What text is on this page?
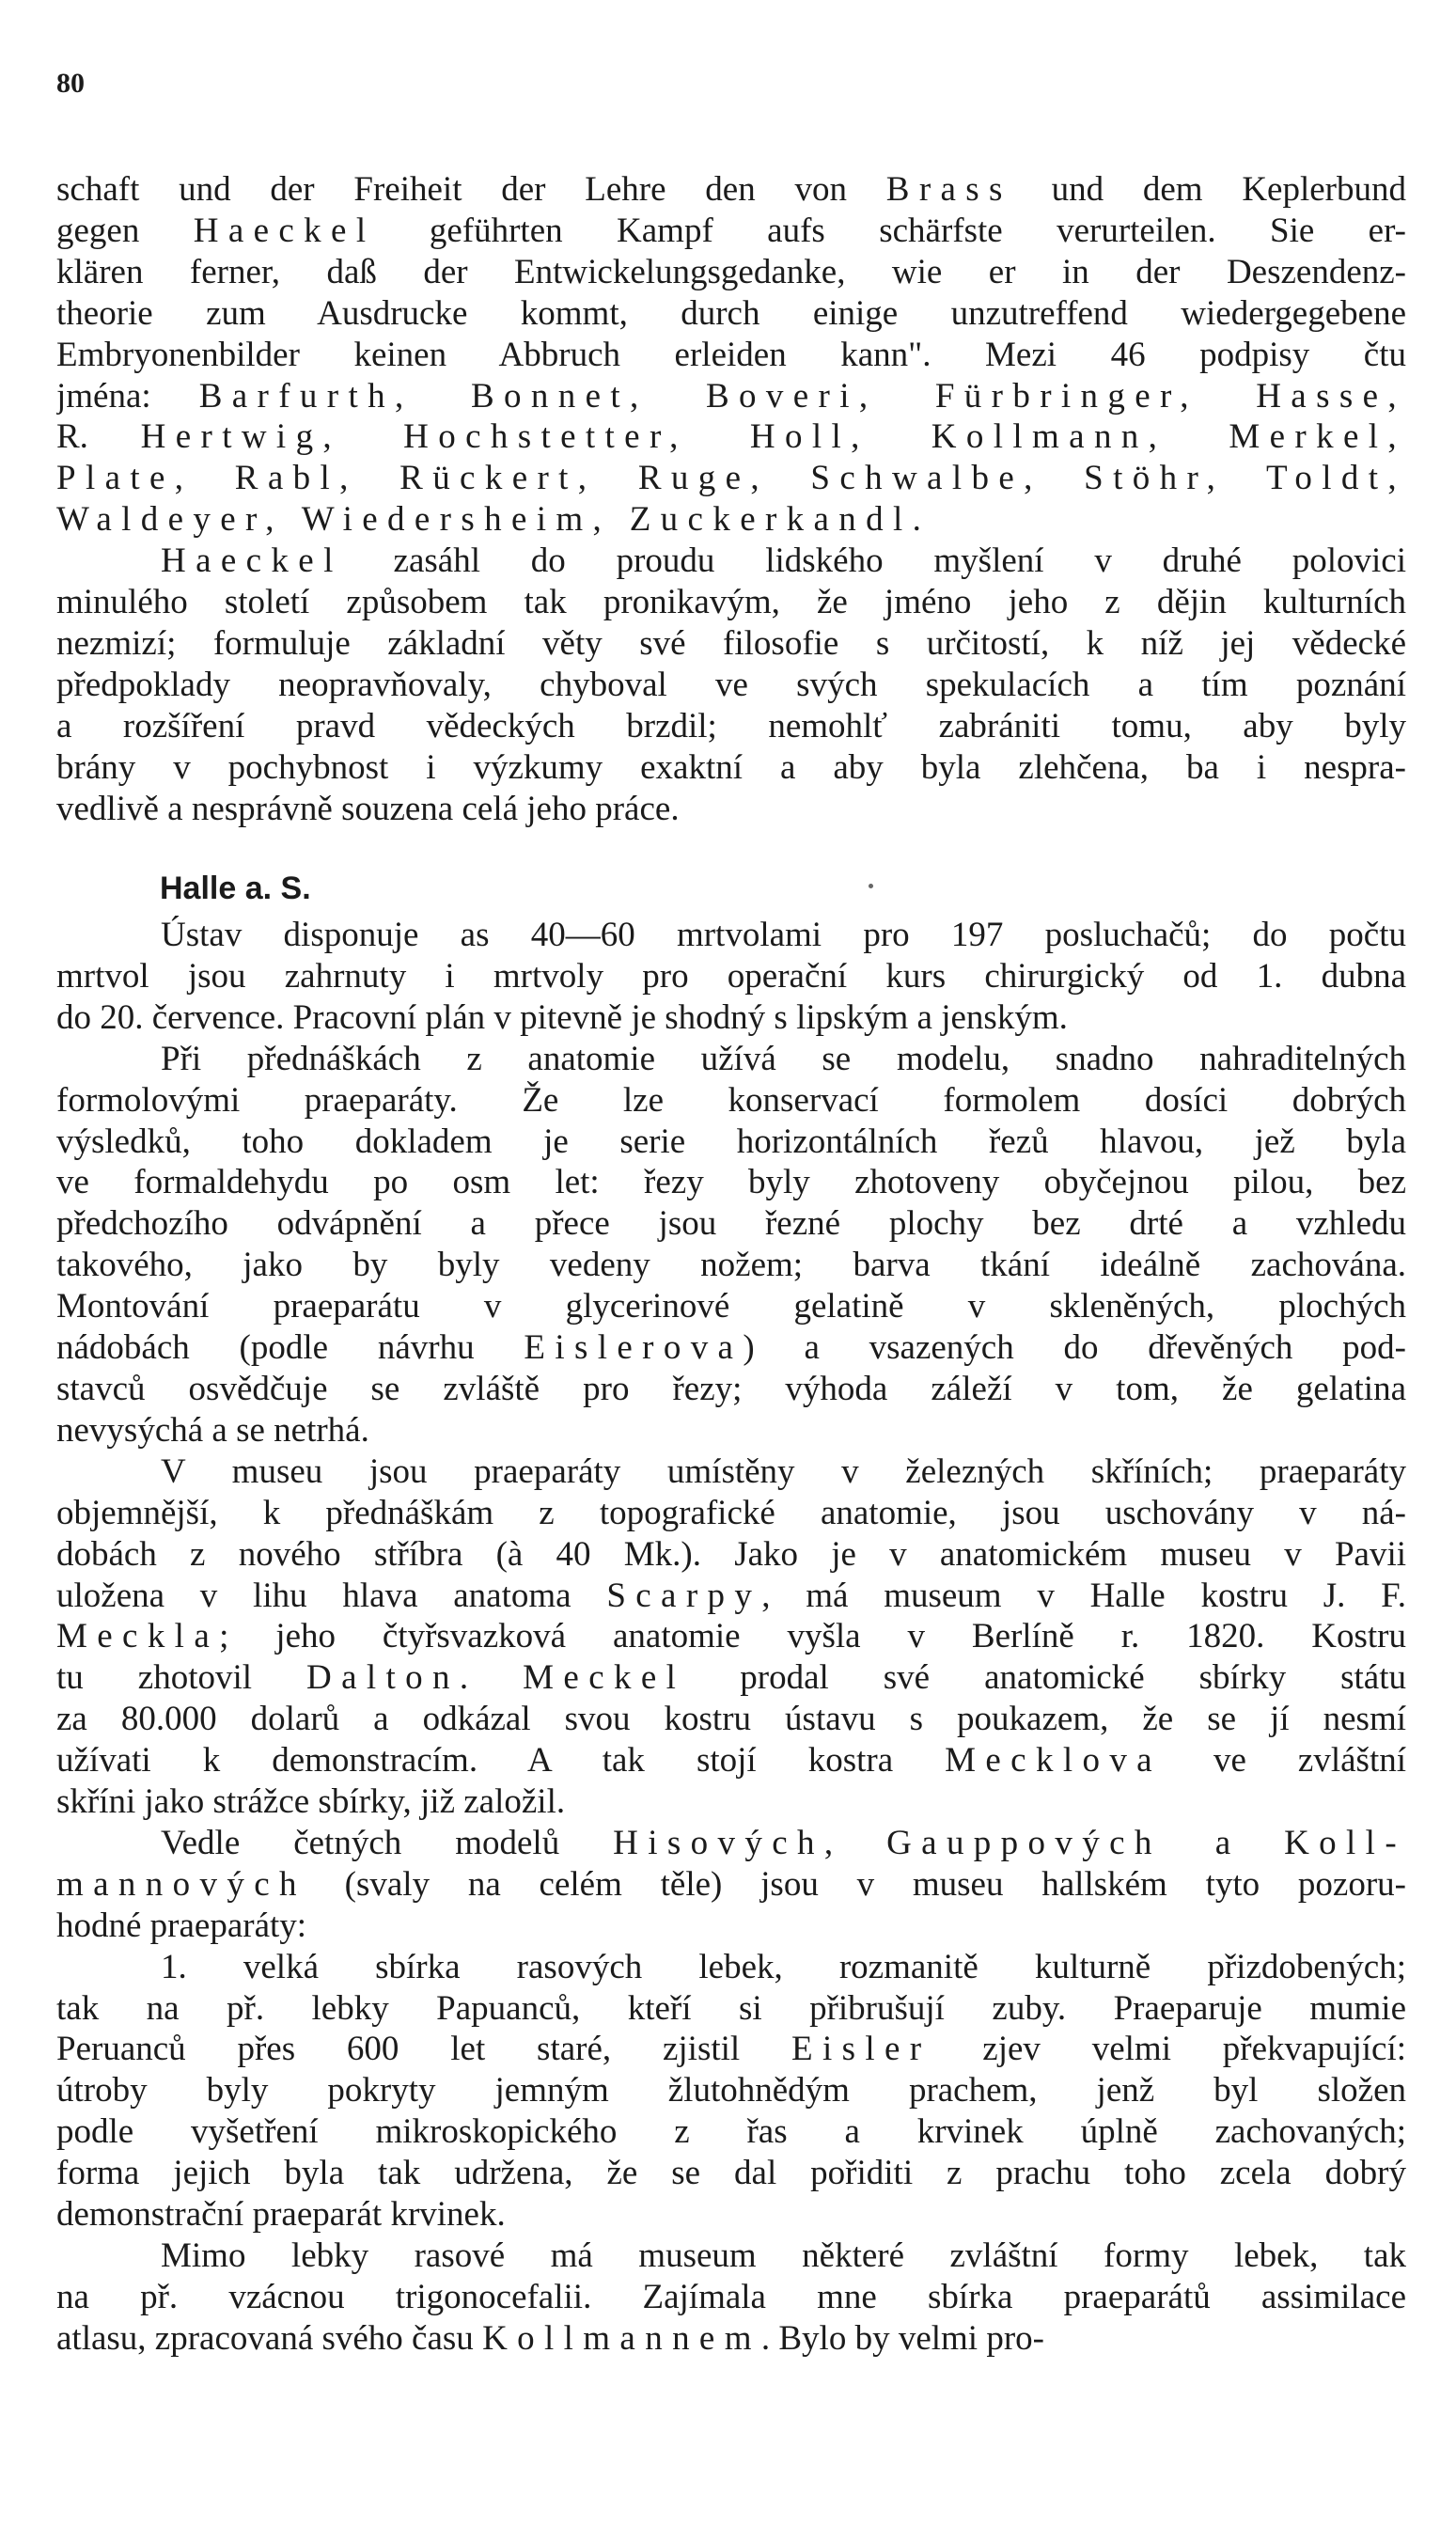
80
schaft und der Freiheit der Lehre den von Brass und dem Keplerbund
gegen Haeckel geführten Kampf aufs schärfste verurteilen. Sie er-
klären ferner, daß der Entwickelungsgedanke, wie er in der Deszendenz-
theorie zum Ausdrucke kommt, durch einige unzutreffend wiedergegebene
Embryonenbilder keinen Abbruch erleiden kann". Mezi 46 podpisy čtu
jména: Barfurth, Bonnet, Boveri, Fürbringer, Hasse,
R. Hertwig, Hochstetter, Holl, Kollmann, Merkel,
Plate, Rabl, Rückert, Ruge, Schwalbe, Stöhr, Toldt,
Waldeyer, Wiedersheim, Zuckerkandl.
Haeckel zasáhl do proudu lidského myšlení v druhé polovici
minulého století způsobem tak pronikavým, že jméno jeho z dějin kulturních
nezmizí; formuluje základní věty své filosofie s určitostí, k níž jej vědecké
předpoklady neopravňovaly, chyboval ve svých spekulacích a tím poznání
a rozšíření pravd vědeckých brzdil; nemohlť zabrániti tomu, aby byly
brány v pochybnost i výzkumy exaktní a aby byla zlehčena, ba i nespra-
vedlivě a nesprávně souzena celá jeho práce.
Halle a. S.
Ústav disponuje as 40—60 mrtvolami pro 197 posluchačů; do počtu
mrtvol jsou zahrnuty i mrtvoly pro operační kurs chirurgický od 1. dubna
do 20. července. Pracovní plán v pitevně je shodný s lipským a jenským.
Při přednáškách z anatomie užívá se modelu, snadno nahraditelných
formolovými praeparáty. Že lze konservací formolem dosíci dobrých
výsledků, toho dokladem je serie horizontálních řezů hlavou, jež byla
ve formaldehydu po osm let: řezy byly zhotoveny obyčejnou pilou, bez
předchozího odvápnění a přece jsou řezné plochy bez drté a vzhledu
takového, jako by byly vedeny nožem; barva tkání ideálně zachována.
Montování praeparátu v glycerinové gelatině v skleněných, plochých
nádobách (podle návrhu Eislerova) a vsazených do dřevěných pod-
stavců osvědčuje se zvláště pro řezy; výhoda záleží v tom, že gelatina
nevysýchá a se netrhá.
V museu jsou praeparáty umístěny v železných skříních; praeparáty
objemnější, k přednáškám z topografické anatomie, jsou uschovány v ná-
dobách z nového stříbra (à 40 Mk.). Jako je v anatomickém museu v Pavii
uložena v lihu hlava anatoma Scarpy, má museum v Halle kostru J. F.
Meckla; jeho čtyřsvazková anatomie vyšla v Berlíně r. 1820. Kostru
tu zhotovil Dalton. Meckel prodal své anatomické sbírky státu
za 80.000 dolarů a odkázal svou kostru ústavu s poukazem, že se jí nesmí
užívati k demonstracím. A tak stojí kostra Mecklova ve zvláštní
skříni jako strážce sbírky, již založil.
Vedle četných modelů Hisových, Gauppových a Koll-
mannových (svaly na celém těle) jsou v museu hallském tyto pozoru-
hodné praeparáty:
1. velká sbírka rasových lebek, rozmanitě kulturně přizdobených;
tak na př. lebky Papuanců, kteří si přibrušují zuby. Praeparuje mumie
Peruanců přes 600 let staré, zjistil Eisler zjev velmi překvapující:
útroby byly pokryty jemným žlutohnědým prachem, jenž byl složen
podle vyšetření mikroskopického z řas a krvinek úplně zachovaných;
forma jejich byla tak udržena, že se dal pořiditi z prachu toho zcela dobrý
demonstrační praeparát krvinek.
Mimo lebky rasové má museum některé zvláštní formy lebek, tak
na př. vzácnou trigonocefalii. Zajímala mne sbírka praeparátů assimilace
atlasu, zpracovaná svého času Kollmannem. Bylo by velmi pro-
